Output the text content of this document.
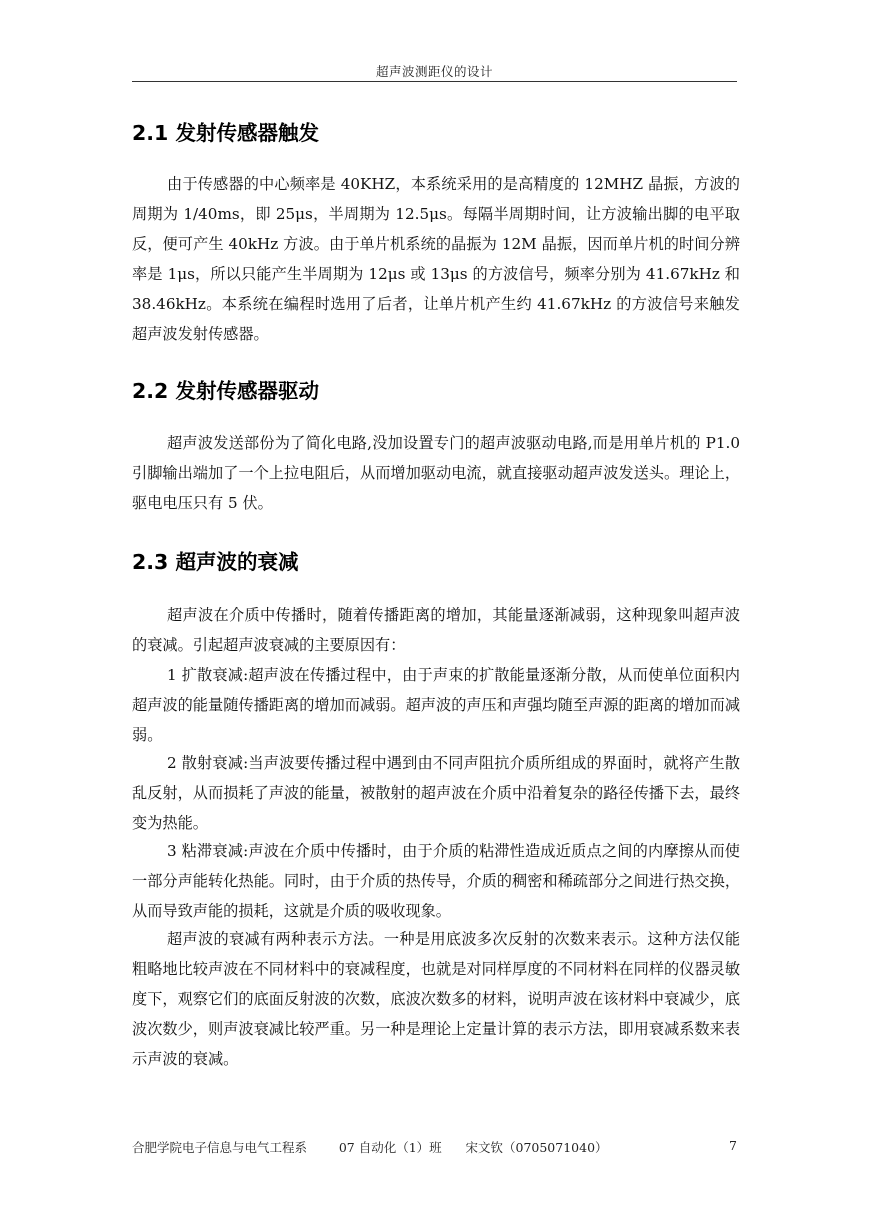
超声波测距仪的设计
2.1 发射传感器触发

由于传感器的中心频率是 40KHZ，本系统采用的是高精度的 12MHZ 晶振，方波的周期为 1/40ms，即 25μs，半周期为 12.5μs。每隔半周期时间，让方波输出脚的电平取反，便可产生 40kHz 方波。由于单片机系统的晶振为 12M 晶振，因而单片机的时间分辨率是 1μs，所以只能产生半周期为 12μs 或 13μs 的方波信号，频率分别为 41.67kHz 和 38.46kHz。本系统在编程时选用了后者，让单片机产生约 41.67kHz 的方波信号来触发超声波发射传感器。

2.2 发射传感器驱动

超声波发送部份为了简化电路,没加设置专门的超声波驱动电路,而是用单片机的 P1.0 引脚输出端加了一个上拉电阻后，从而增加驱动电流，就直接驱动超声波发送头。理论上，驱电电压只有 5 伏。

2.3 超声波的衰减

超声波在介质中传播时，随着传播距离的增加，其能量逐渐减弱，这种现象叫超声波的衰减。引起超声波衰减的主要原因有：

1 扩散衰减:超声波在传播过程中，由于声束的扩散能量逐渐分散，从而使单位面积内超声波的能量随传播距离的增加而减弱。超声波的声压和声强均随至声源的距离的增加而减弱。

2 散射衰减:当声波要传播过程中遇到由不同声阻抗介质所组成的界面时，就将产生散乱反射，从而损耗了声波的能量，被散射的超声波在介质中沿着复杂的路径传播下去，最终变为热能。

3 粘滞衰减:声波在介质中传播时，由于介质的粘滞性造成近质点之间的内摩擦从而使一部分声能转化热能。同时，由于介质的热传导，介质的稠密和稀疏部分之间进行热交换，从而导致声能的损耗，这就是介质的吸收现象。

超声波的衰减有两种表示方法。一种是用底波多次反射的次数来表示。这种方法仅能粗略地比较声波在不同材料中的衰减程度，也就是对同样厚度的不同材料在同样的仪器灵敏度下，观察它们的底面反射波的次数，底波次数多的材料，说明声波在该材料中衰减少，底波次数少，则声波衰减比较严重。另一种是理论上定量计算的表示方法，即用衰减系数来表示声波的衰减。

合肥学院电子信息与电气工程系	07 自动化（1）班 宋文钦（0705071040）	7
